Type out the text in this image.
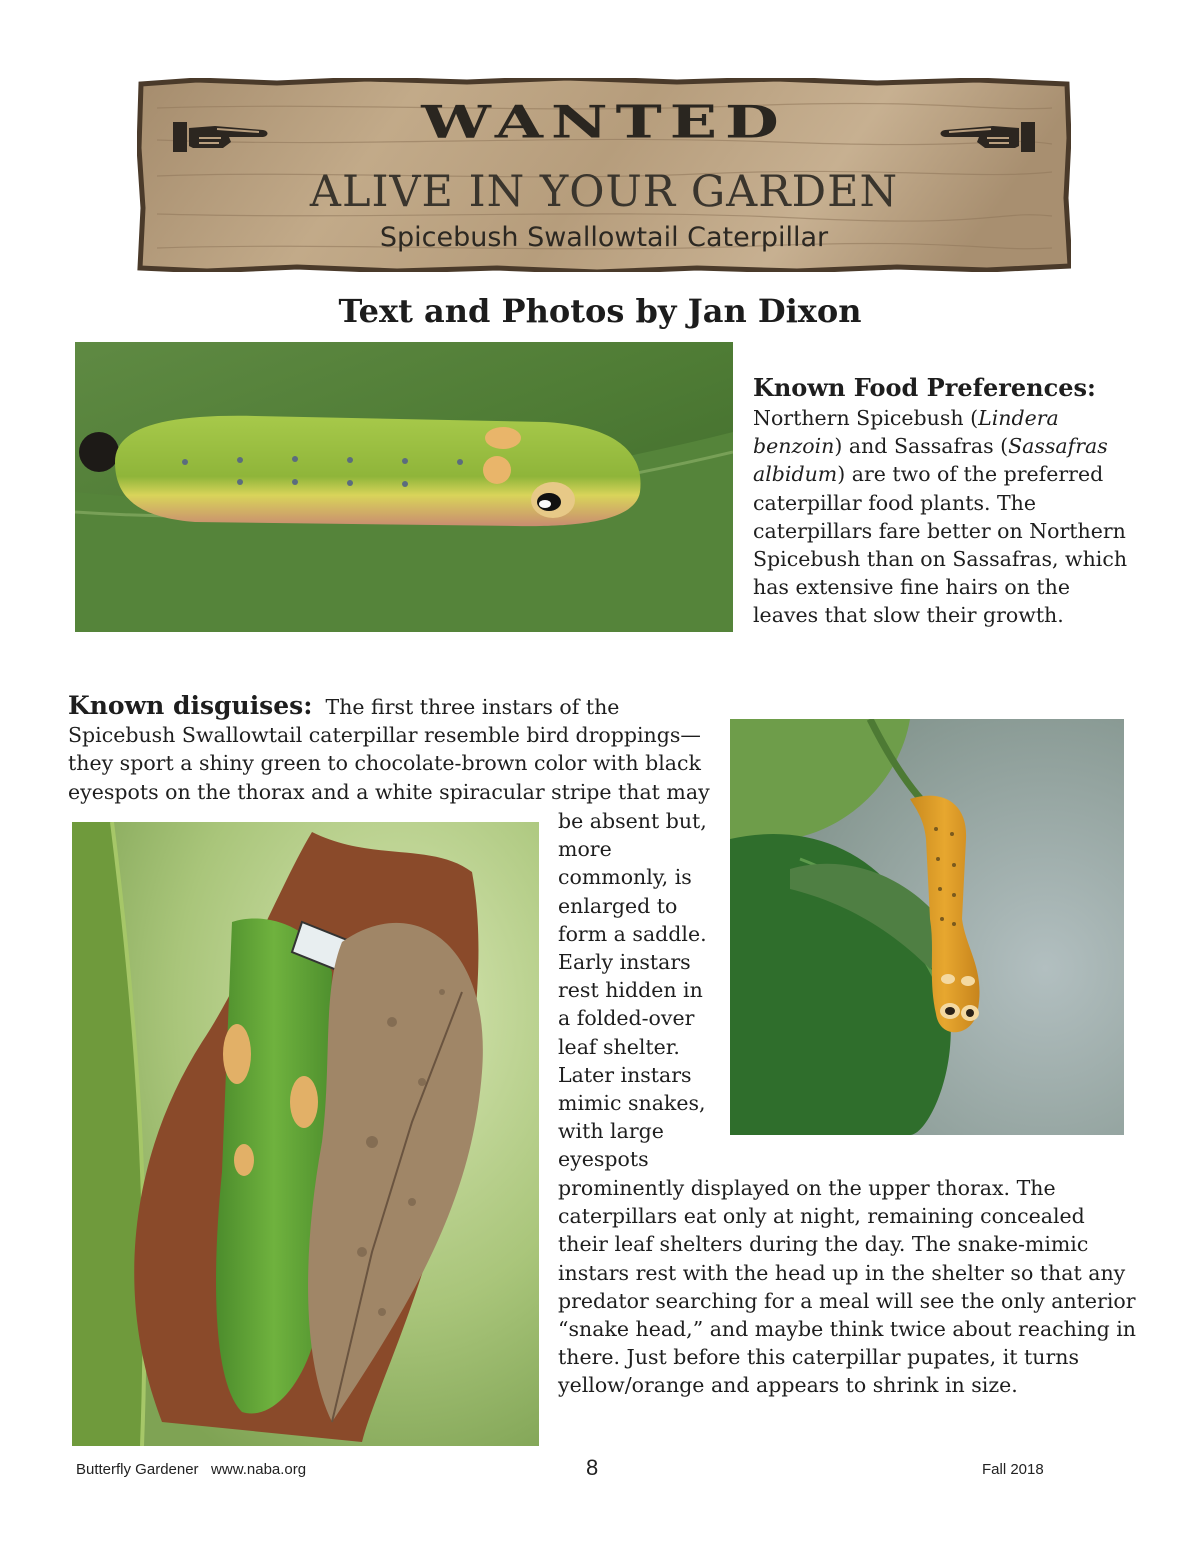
WANTED
ALIVE IN YOUR GARDEN
Spicebush Swallowtail Caterpillar
Text and Photos by Jan Dixon
Known Food Preferences:
Northern Spicebush (Lindera benzoin) and Sassafras (Sassafras albidum) are two of the preferred caterpillar food plants. The caterpillars fare better on Northern Spicebush than on Sassafras, which has extensive fine hairs on the leaves that slow their growth.
Known disguises: The first three instars of the Spicebush Swallowtail caterpillar resemble bird droppings—they sport a shiny green to chocolate-brown color with black eyespots on the thorax and a white spiracular stripe that may
be absent but, more commonly, is enlarged to form a saddle. Early instars rest hidden in a folded-over leaf shelter. Later instars mimic snakes, with large eyespots
prominently displayed on the upper thorax. The caterpillars eat only at night, remaining concealed their leaf shelters during the day. The snake-mimic instars rest with the head up in the shelter so that any predator searching for a meal will see the only anterior “snake head,” and maybe think twice about reaching in there. Just before this caterpillar pupates, it turns yellow/orange and appears to shrink in size.
Butterfly Gardener   www.naba.org	8	Fall 2018
